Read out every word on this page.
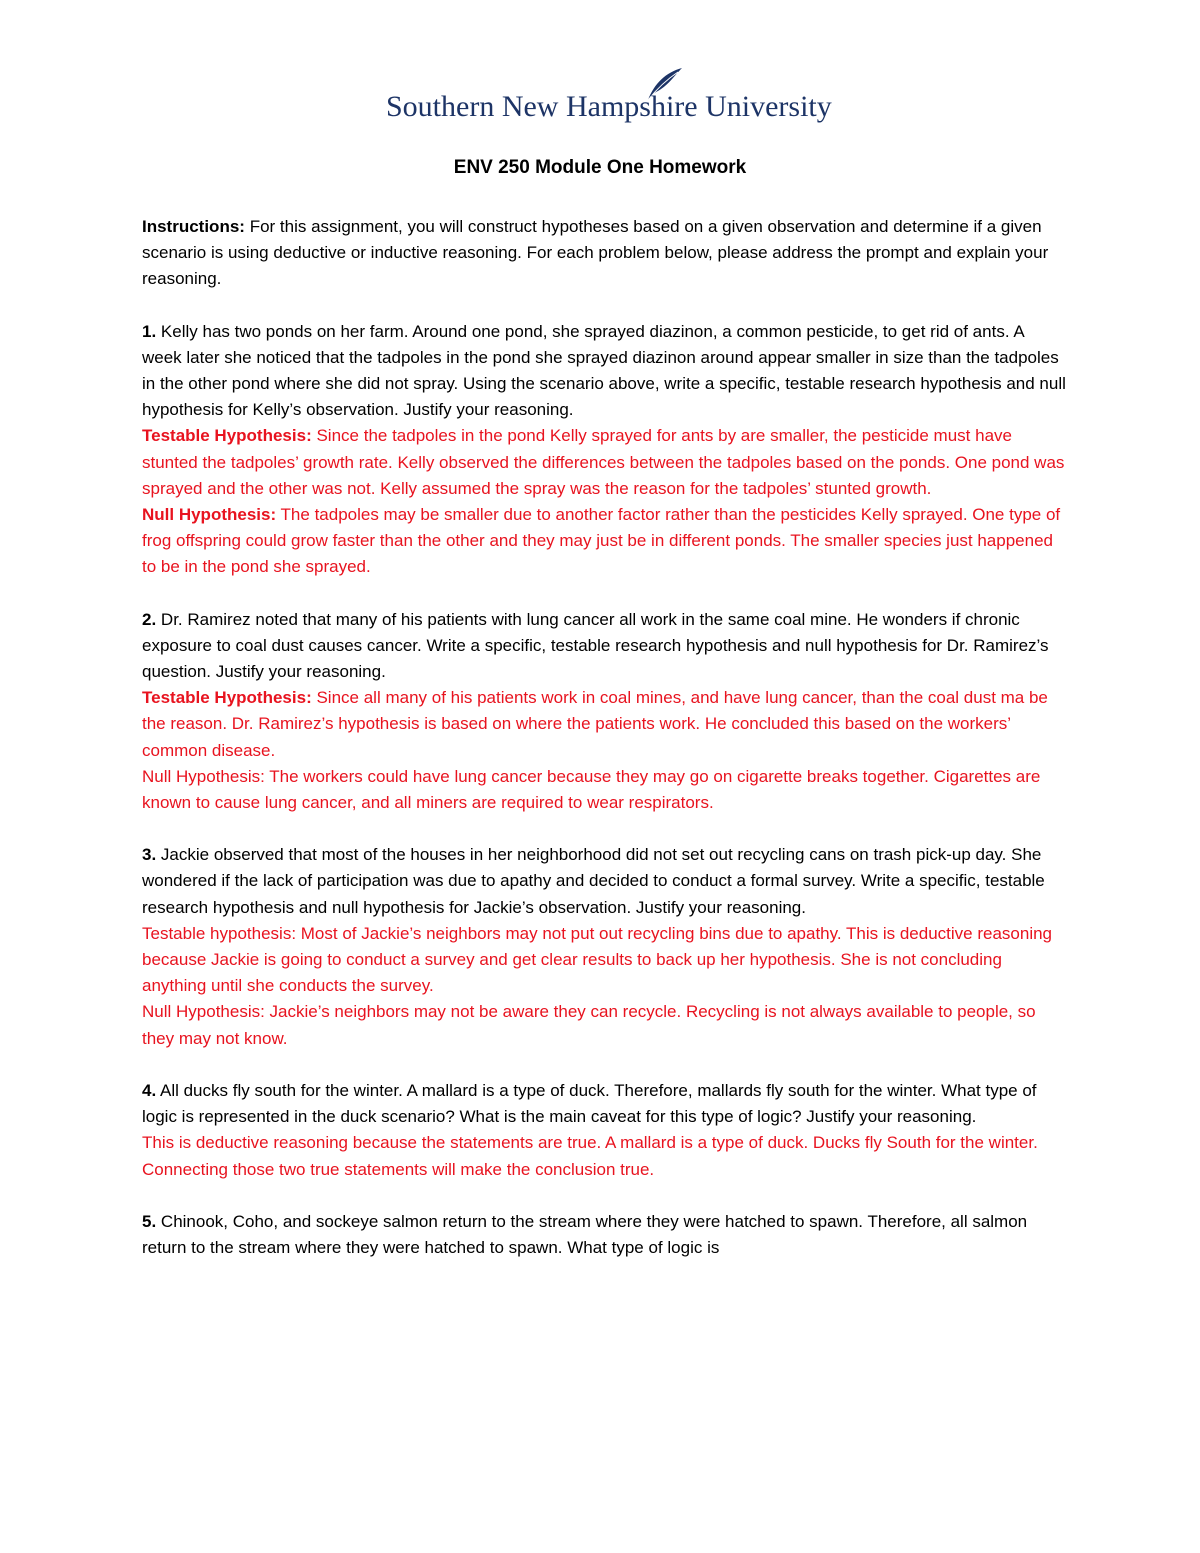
Southern New Hampshire University
ENV 250 Module One Homework

Instructions: For this assignment, you will construct hypotheses based on a given observation and determine if a given scenario is using deductive or inductive reasoning. For each problem below, please address the prompt and explain your reasoning.

1. Kelly has two ponds on her farm. Around one pond, she sprayed diazinon, a common pesticide, to get rid of ants. A week later she noticed that the tadpoles in the pond she sprayed diazinon around appear smaller in size than the tadpoles in the other pond where she did not spray. Using the scenario above, write a specific, testable research hypothesis and null hypothesis for Kelly’s observation. Justify your reasoning.

Testable Hypothesis: Since the tadpoles in the pond Kelly sprayed for ants by are smaller, the pesticide must have stunted the tadpoles’ growth rate. Kelly observed the differences between the tadpoles based on the ponds. One pond was sprayed and the other was not. Kelly assumed the spray was the reason for the tadpoles’ stunted growth.

Null Hypothesis: The tadpoles may be smaller due to another factor rather than the pesticides Kelly sprayed. One type of frog offspring could grow faster than the other and they may just be in different ponds. The smaller species just happened to be in the pond she sprayed.

2. Dr. Ramirez noted that many of his patients with lung cancer all work in the same coal mine. He wonders if chronic exposure to coal dust causes cancer. Write a specific, testable research hypothesis and null hypothesis for Dr. Ramirez’s question. Justify your reasoning.

Testable Hypothesis: Since all many of his patients work in coal mines, and have lung cancer, than the coal dust ma be the reason. Dr. Ramirez’s hypothesis is based on where the patients work. He concluded this based on the workers’ common disease.

Null Hypothesis: The workers could have lung cancer because they may go on cigarette breaks together. Cigarettes are known to cause lung cancer, and all miners are required to wear respirators.

3. Jackie observed that most of the houses in her neighborhood did not set out recycling cans on trash pick-up day. She wondered if the lack of participation was due to apathy and decided to conduct a formal survey. Write a specific, testable research hypothesis and null hypothesis for Jackie’s observation. Justify your reasoning.

Testable hypothesis: Most of Jackie’s neighbors may not put out recycling bins due to apathy. This is deductive reasoning because Jackie is going to conduct a survey and get clear results to back up her hypothesis. She is not concluding anything until she conducts the survey.

Null Hypothesis: Jackie’s neighbors may not be aware they can recycle. Recycling is not always available to people, so they may not know.

4. All ducks fly south for the winter. A mallard is a type of duck. Therefore, mallards fly south for the winter. What type of logic is represented in the duck scenario? What is the main caveat for this type of logic? Justify your reasoning.

This is deductive reasoning because the statements are true. A mallard is a type of duck. Ducks fly South for the winter. Connecting those two true statements will make the conclusion true.

5. Chinook, Coho, and sockeye salmon return to the stream where they were hatched to spawn. Therefore, all salmon return to the stream where they were hatched to spawn. What type of logic is
